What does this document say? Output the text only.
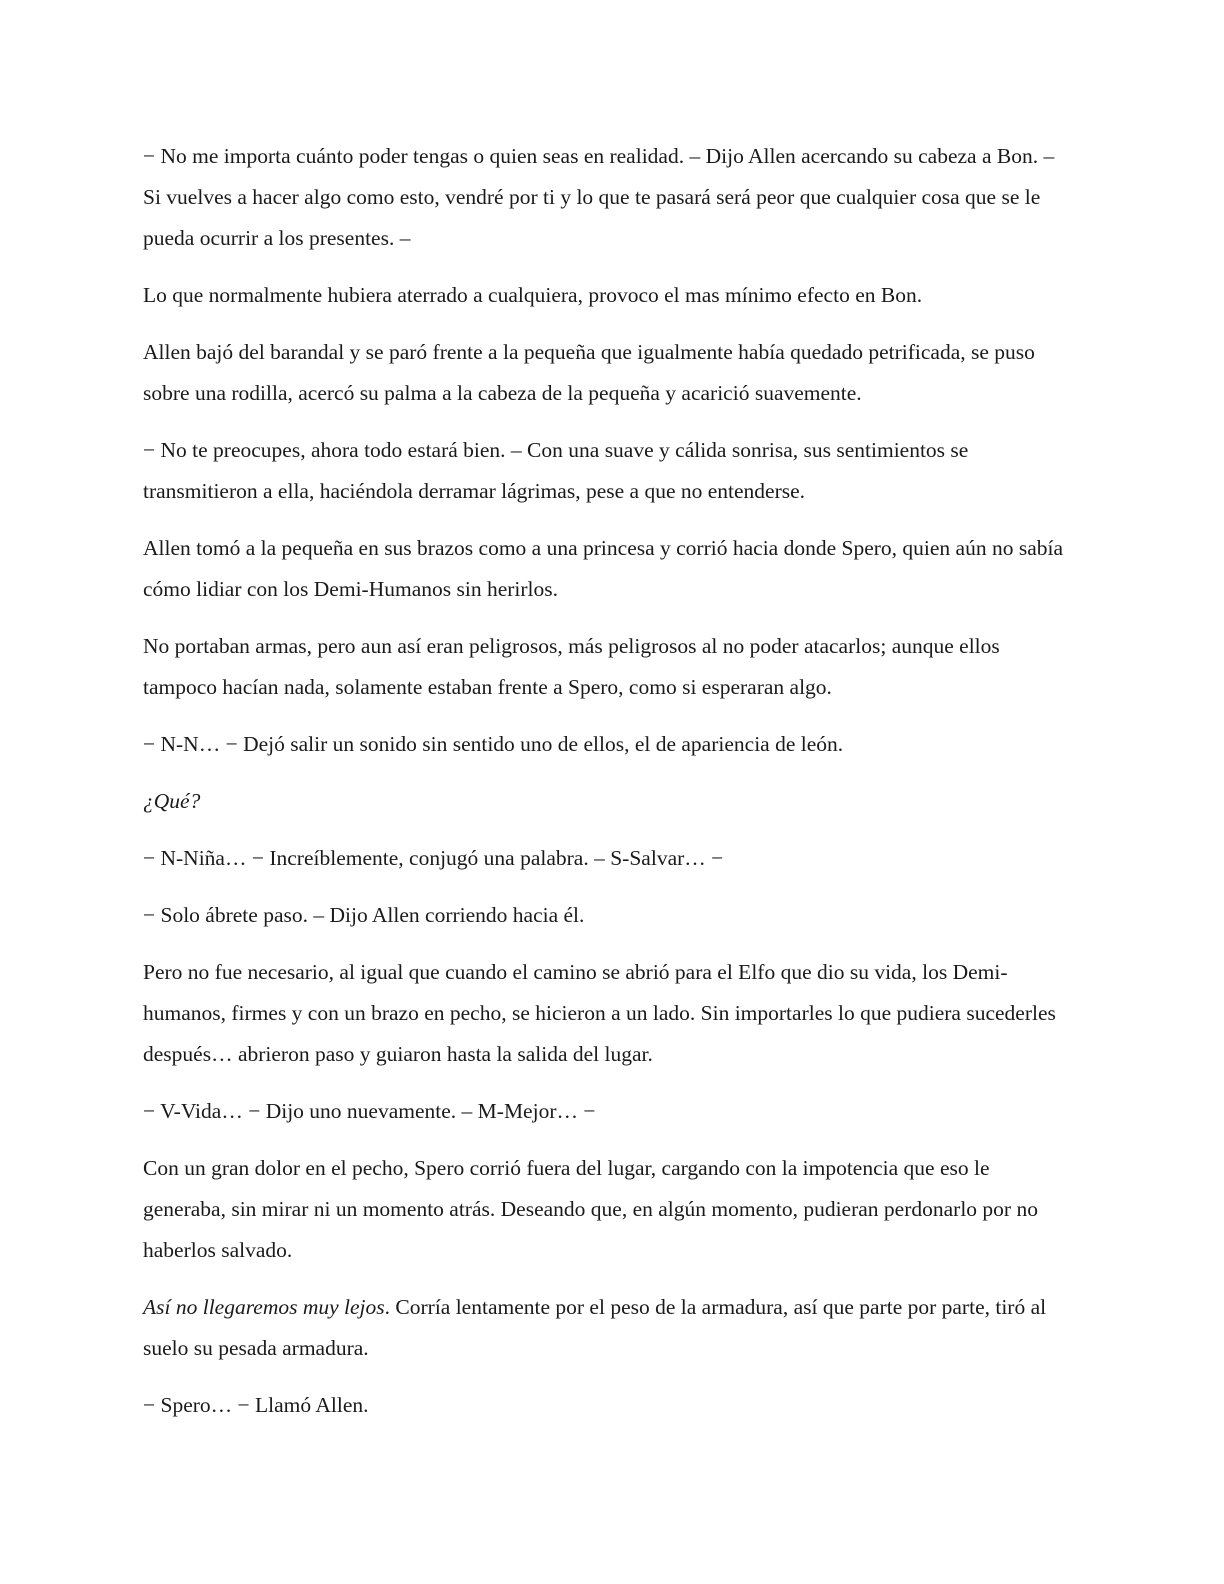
− No me importa cuánto poder tengas o quien seas en realidad. – Dijo Allen acercando su cabeza a Bon. – Si vuelves a hacer algo como esto, vendré por ti y lo que te pasará será peor que cualquier cosa que se le pueda ocurrir a los presentes. –

Lo que normalmente hubiera aterrado a cualquiera, provoco el mas mínimo efecto en Bon.

Allen bajó del barandal y se paró frente a la pequeña que igualmente había quedado petrificada, se puso sobre una rodilla, acercó su palma a la cabeza de la pequeña y acarició suavemente.

− No te preocupes, ahora todo estará bien. – Con una suave y cálida sonrisa, sus sentimientos se transmitieron a ella, haciéndola derramar lágrimas, pese a que no entenderse.

Allen tomó a la pequeña en sus brazos como a una princesa y corrió hacia donde Spero, quien aún no sabía cómo lidiar con los Demi-Humanos sin herirlos.

No portaban armas, pero aun así eran peligrosos, más peligrosos al no poder atacarlos; aunque ellos tampoco hacían nada, solamente estaban frente a Spero, como si esperaran algo.

− N-N… − Dejó salir un sonido sin sentido uno de ellos, el de apariencia de león.

¿Qué?

− N-Niña… − Increíblemente, conjugó una palabra. – S-Salvar… −

− Solo ábrete paso. – Dijo Allen corriendo hacia él.

Pero no fue necesario, al igual que cuando el camino se abrió para el Elfo que dio su vida, los Demi-humanos, firmes y con un brazo en pecho, se hicieron a un lado. Sin importarles lo que pudiera sucederles después… abrieron paso y guiaron hasta la salida del lugar.

− V-Vida… − Dijo uno nuevamente. – M-Mejor… −

Con un gran dolor en el pecho, Spero corrió fuera del lugar, cargando con la impotencia que eso le generaba, sin mirar ni un momento atrás. Deseando que, en algún momento, pudieran perdonarlo por no haberlos salvado.

Así no llegaremos muy lejos. Corría lentamente por el peso de la armadura, así que parte por parte, tiró al suelo su pesada armadura.

− Spero… − Llamó Allen.
